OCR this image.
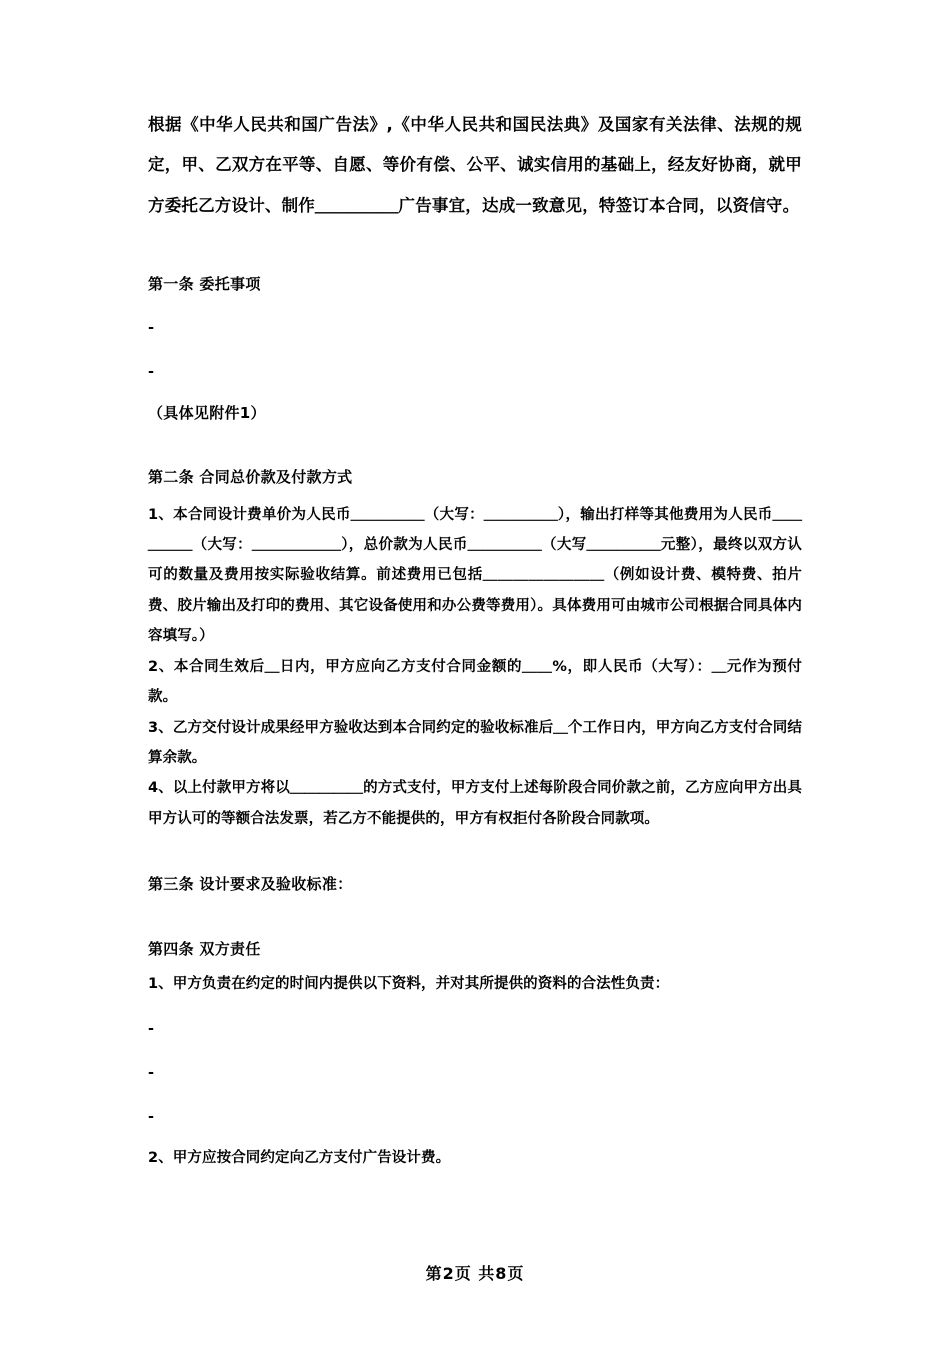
根据《中华人民共和国广告法》,《中华人民共和国民法典》及国家有关法律、法规的规定，甲、乙双方在平等、自愿、等价有偿、公平、诚实信用的基础上，经友好协商，就甲方委托乙方设计、制作＿＿＿＿＿广告事宜，达成一致意见，特签订本合同，以资信守。

第一条 委托事项

-

-

（具体见附件1）

第二条 合同总价款及付款方式

1、本合同设计费单价为人民币＿＿＿＿＿（大写：＿＿＿＿＿），输出打样等其他费用为人民币＿＿＿＿＿（大写：＿＿＿＿＿＿），总价款为人民币＿＿＿＿＿（大写＿＿＿＿＿元整），最终以双方认可的数量及费用按实际验收结算。前述费用已包括＿＿＿＿＿＿＿＿（例如设计费、模特费、拍片费、胶片输出及打印的费用、其它设备使用和办公费等费用）。具体费用可由城市公司根据合同具体内容填写。）

2、本合同生效后＿日内，甲方应向乙方支付合同金额的＿＿%，即人民币（大写）：＿元作为预付款。

3、乙方交付设计成果经甲方验收达到本合同约定的验收标准后＿个工作日内，甲方向乙方支付合同结算余款。

4、以上付款甲方将以＿＿＿＿＿的方式支付，甲方支付上述每阶段合同价款之前，乙方应向甲方出具甲方认可的等额合法发票，若乙方不能提供的，甲方有权拒付各阶段合同款项。

第三条 设计要求及验收标准：

第四条 双方责任

1、甲方负责在约定的时间内提供以下资料，并对其所提供的资料的合法性负责：

-

-

-

2、甲方应按合同约定向乙方支付广告设计费。

第2页 共8页
